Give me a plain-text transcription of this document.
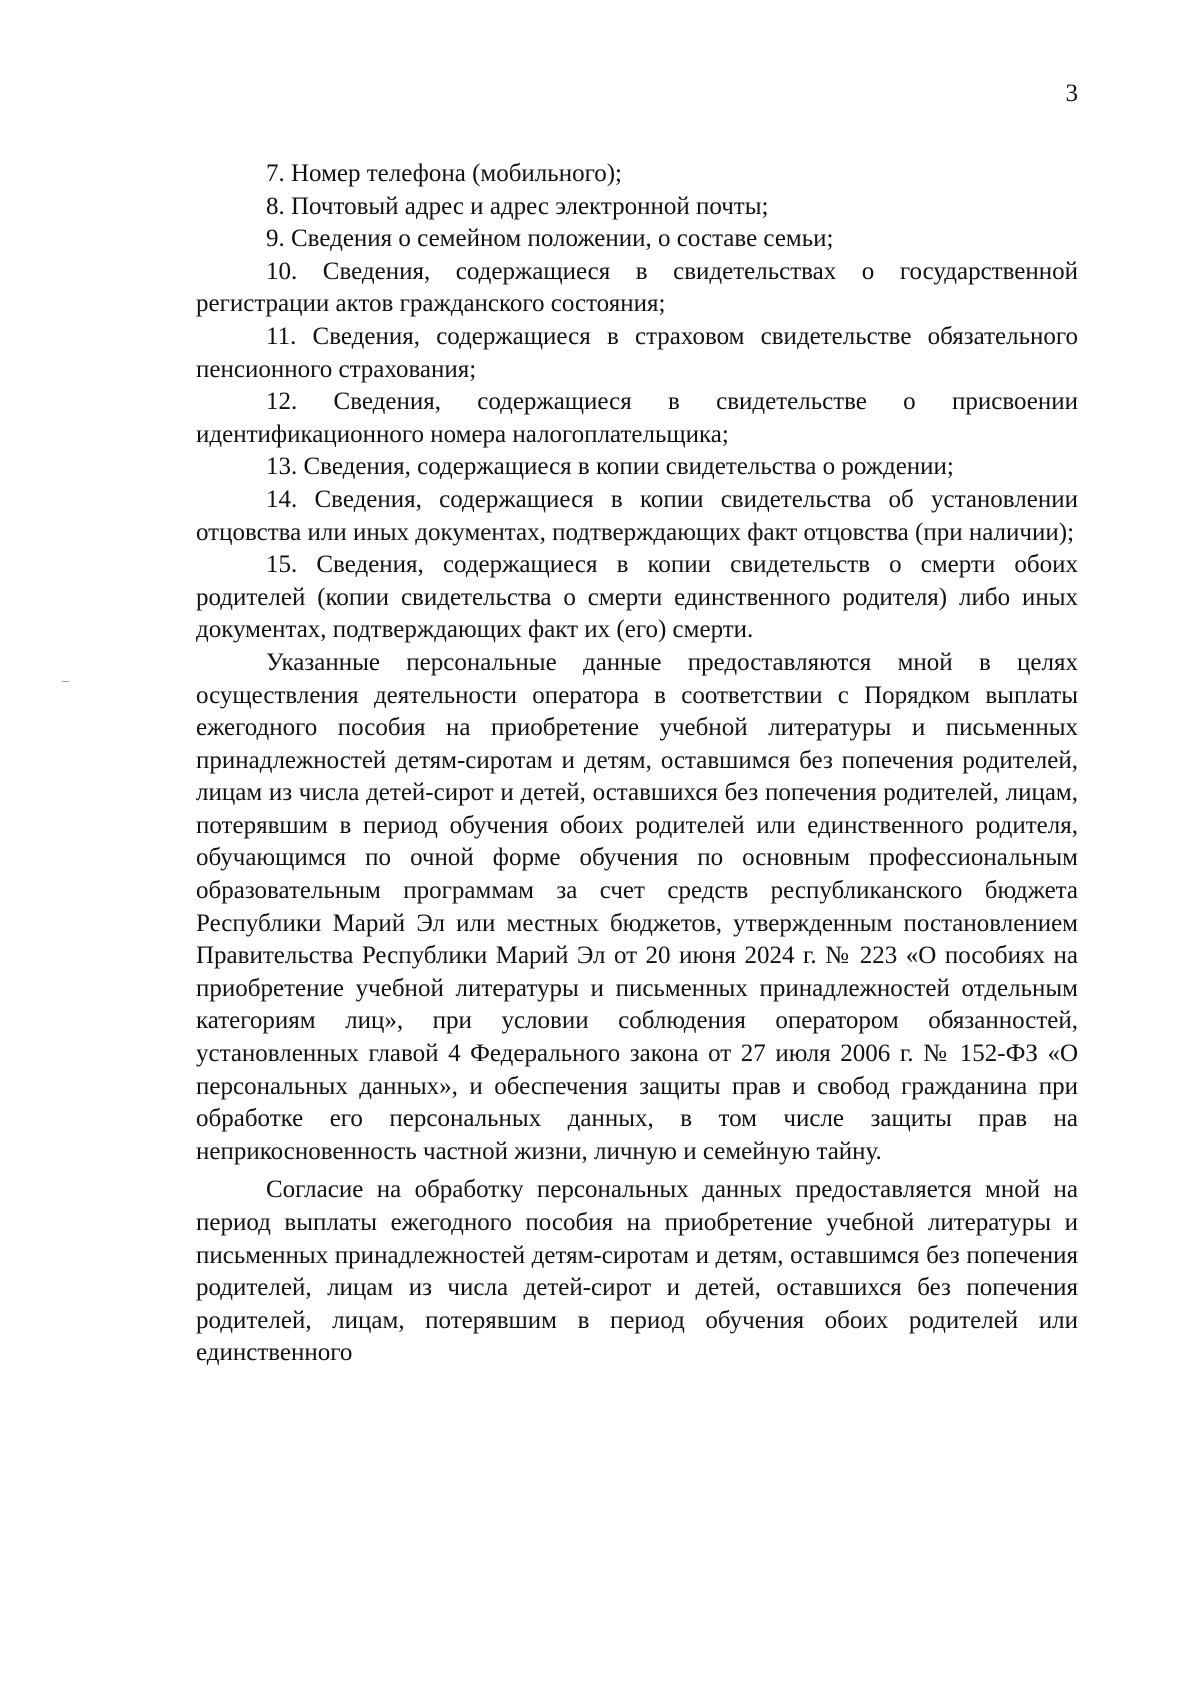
3

7. Номер телефона (мобильного);

8. Почтовый адрес и адрес электронной почты;

9. Сведения о семейном положении, о составе семьи;

10. Сведения, содержащиеся в свидетельствах о государственной регистрации актов гражданского состояния;

11. Сведения, содержащиеся в страховом свидетельстве обязательного пенсионного страхования;

12. Сведения, содержащиеся в свидетельстве о присвоении идентификационного номера налогоплательщика;

13. Сведения, содержащиеся в копии свидетельства о рождении;

14. Сведения, содержащиеся в копии свидетельства об установлении отцовства или иных документах, подтверждающих факт отцовства (при наличии);

15. Сведения, содержащиеся в копии свидетельств о смерти обоих родителей (копии свидетельства о смерти единственного родителя) либо иных документах, подтверждающих факт их (его) смерти.

Указанные персональные данные предоставляются мной в целях осуществления деятельности оператора в соответствии с Порядком выплаты ежегодного пособия на приобретение учебной литературы и письменных принадлежностей детям-сиротам и детям, оставшимся без попечения родителей, лицам из числа детей-сирот и детей, оставшихся без попечения родителей, лицам, потерявшим в период обучения обоих родителей или единственного родителя, обучающимся по очной форме обучения по основным профессиональным образовательным программам за счет средств республиканского бюджета Республики Марий Эл или местных бюджетов, утвержденным постановлением Правительства Республики Марий Эл от 20 июня 2024 г. № 223 «О пособиях на приобретение учебной литературы и письменных принадлежностей отдельным категориям лиц», при условии соблюдения оператором обязанностей, установленных главой 4 Федерального закона от 27 июля 2006 г. № 152-ФЗ «О персональных данных», и обеспечения защиты прав и свобод гражданина при обработке его персональных данных, в том числе защиты прав на неприкосновенность частной жизни, личную и семейную тайну.

Согласие на обработку персональных данных предоставляется мной на период выплаты ежегодного пособия на приобретение учебной литературы и письменных принадлежностей детям-сиротам и детям, оставшимся без попечения родителей, лицам из числа детей-сирот и детей, оставшихся без попечения родителей, лицам, потерявшим в период обучения обоих родителей или единственного
